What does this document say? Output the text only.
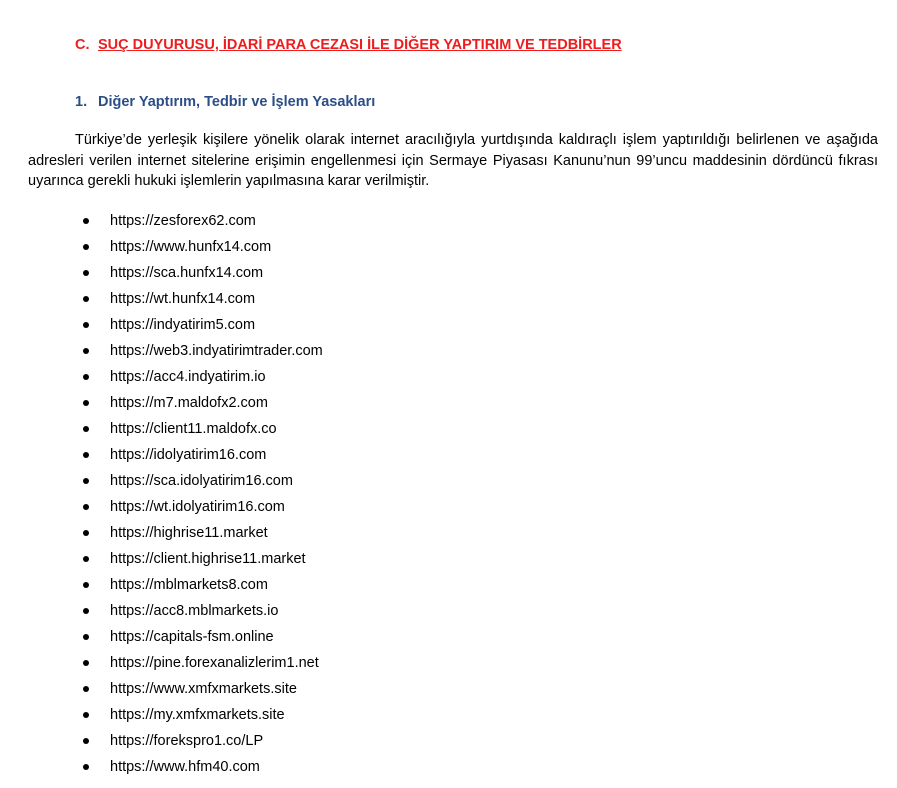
C. SUÇ DUYURUSU, İDARİ PARA CEZASI İLE DİĞER YAPTIRIM VE TEDBİRLER
1. Diğer Yaptırım, Tedbir ve İşlem Yasakları

Türkiye’de yerleşik kişilere yönelik olarak internet aracılığıyla yurtdışında kaldıraçlı işlem yaptırıldığı belirlenen ve aşağıda adresleri verilen internet sitelerine erişimin engellenmesi için Sermaye Piyasası Kanunu’nun 99’uncu maddesinin dördüncü fıkrası uyarınca gerekli hukuki işlemlerin yapılmasına karar verilmiştir.

https://zesforex62.com
https://www.hunfx14.com
https://sca.hunfx14.com
https://wt.hunfx14.com
https://indyatirim5.com
https://web3.indyatirimtrader.com
https://acc4.indyatirim.io
https://m7.maldofx2.com
https://client11.maldofx.co
https://idolyatirim16.com
https://sca.idolyatirim16.com
https://wt.idolyatirim16.com
https://highrise11.market
https://client.highrise11.market
https://mblmarkets8.com
https://acc8.mblmarkets.io
https://capitals-fsm.online
https://pine.forexanalizlerim1.net
https://www.xmfxmarkets.site
https://my.xmfxmarkets.site
https://forekspro1.co/LP
https://www.hfm40.com
